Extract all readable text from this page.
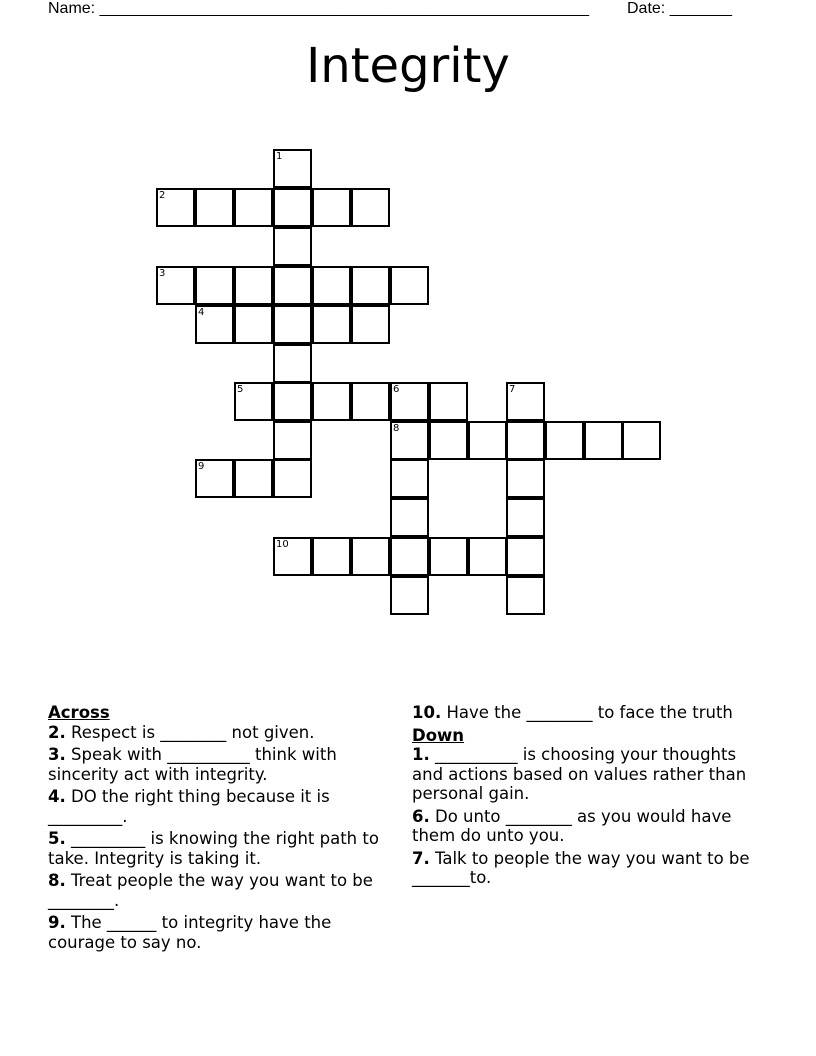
Name: _______________________________________________________ Date: _______
Integrity
1
2
3
4
5	6	7
8
9
10
Across
2. Respect is ________ not given.
3. Speak with __________ think with sincerity act with integrity.
4. DO the right thing because it is _________.
5. _________ is knowing the right path to take. Integrity is taking it.
8. Treat people the way you want to be ________.
9. The ______ to integrity have the courage to say no.
10. Have the ________ to face the truth
Down
1. __________ is choosing your thoughts and actions based on values rather than personal gain.
6. Do unto ________ as you would have them do unto you.
7. Talk to people the way you want to be _______to.
